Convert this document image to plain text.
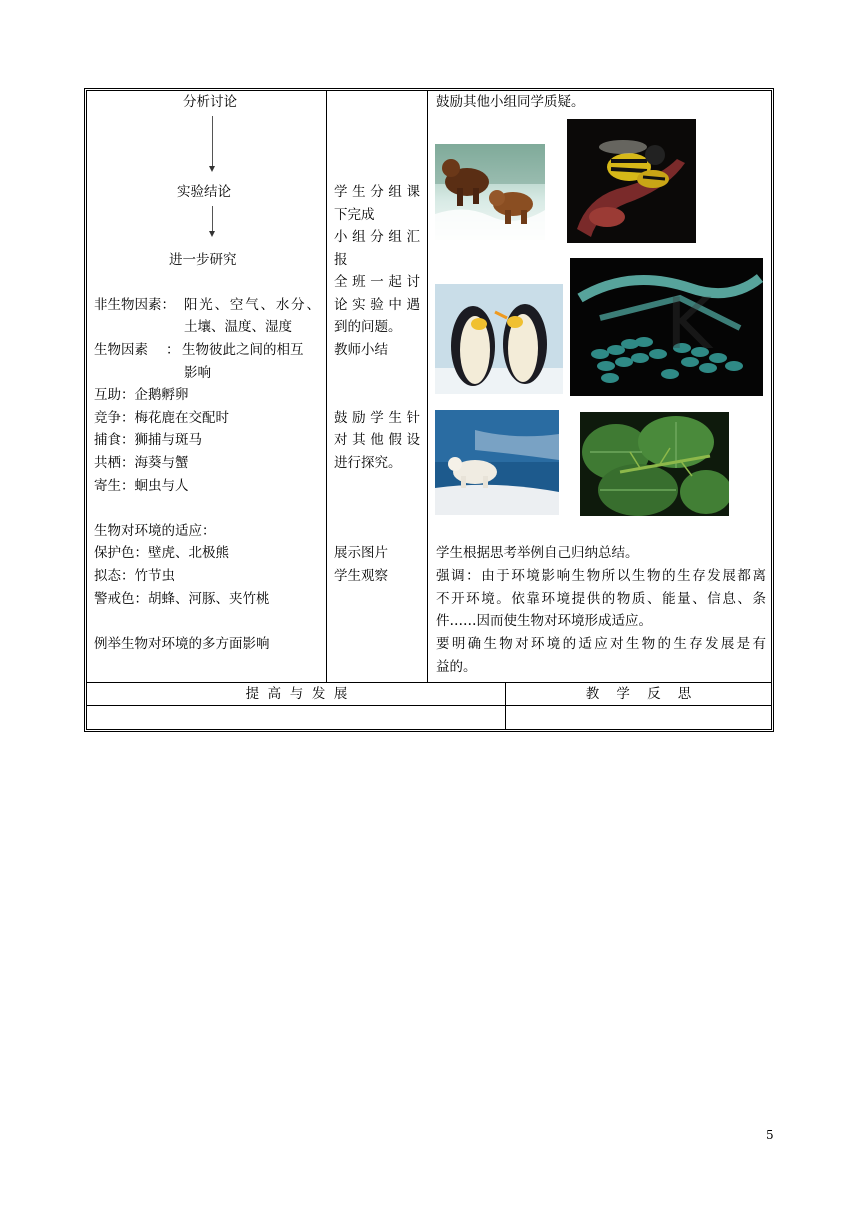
分析讨论
实验结论
进一步研究
非生物因素： 阳光、空气、水分、
土壤、温度、湿度
生物因素 ： 生物彼此之间的相互
影响
互助：企鹅孵卵
竞争：梅花鹿在交配时
捕食：狮捕与斑马
共栖：海葵与蟹
寄生：蛔虫与人
生物对环境的适应：
保护色：壁虎、北极熊
拟态：竹节虫
警戒色：胡蜂、河豚、夹竹桃
例举生物对环境的多方面影响
学生分组课
下完成
小组分组汇
报
全班一起讨
论实验中遇
到的问题。
教师小结
鼓励学生针
对其他假设
进行探究。
展示图片
学生观察
鼓励其他小组同学质疑。
K
学生根据思考举例自己归纳总结。
强调：由于环境影响生物所以生物的生存发展都离
不开环境。依靠环境提供的物质、能量、信息、条
件……因而使生物对环境形成适应。
要明确生物对环境的适应对生物的生存发展是有
益的。
提  高  与  发  展	教    学    反    思
5
